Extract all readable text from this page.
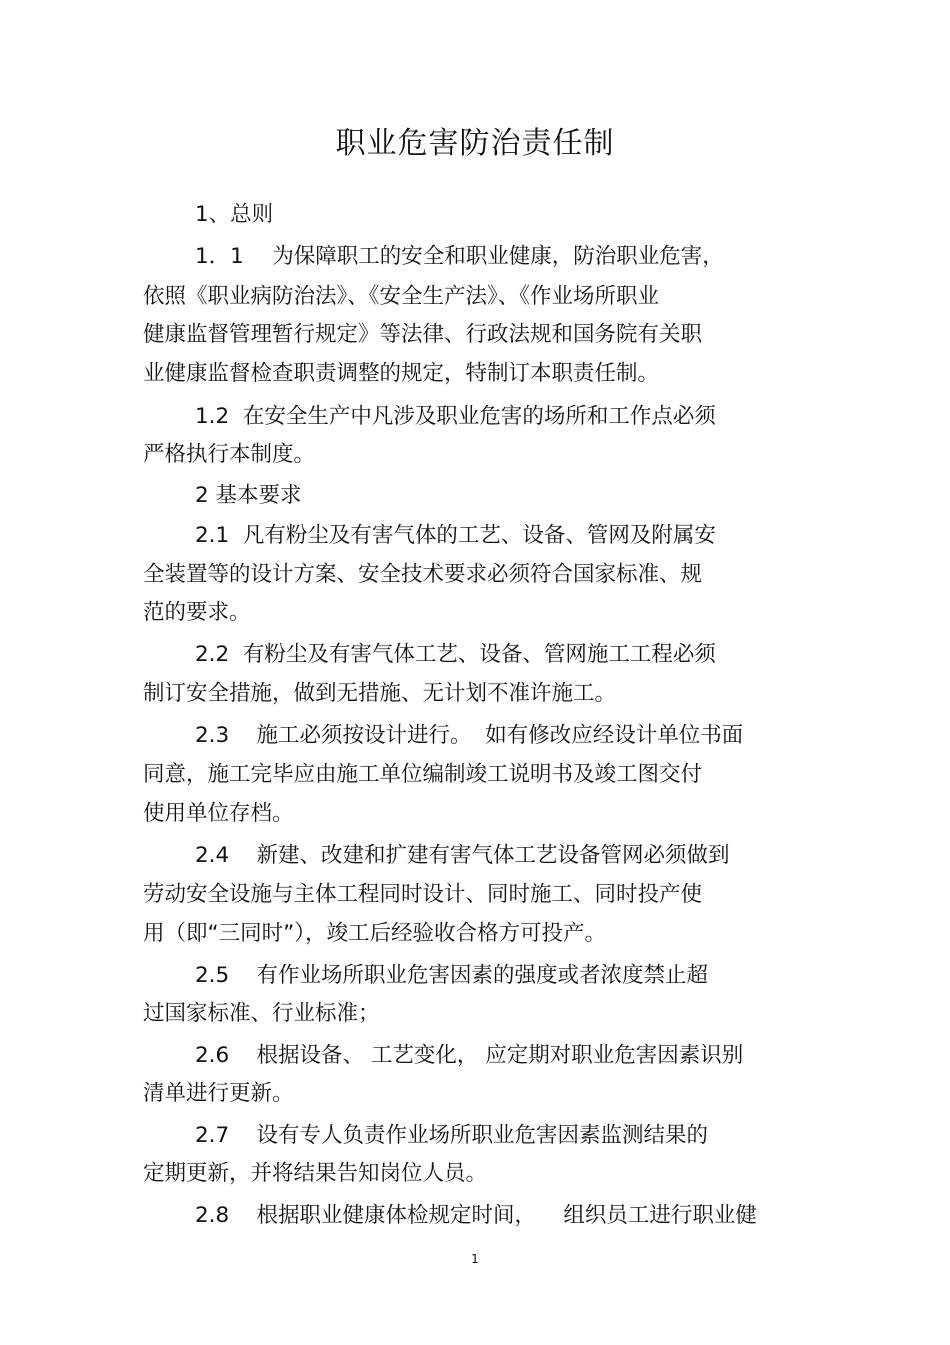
职业危害防治责任制
1、总则
1．1　 为保障职工的安全和职业健康，防治职业危害，
依照《职业病防治法》、《安全生产法》、《作业场所职业
健康监督管理暂行规定》等法律、行政法规和国务院有关职
业健康监督检查职责调整的规定，特制订本职责任制。
1.2  在安全生产中凡涉及职业危害的场所和工作点必须
严格执行本制度。
2 基本要求
2.1  凡有粉尘及有害气体的工艺、设备、管网及附属安
全装置等的设计方案、安全技术要求必须符合国家标准、规
范的要求。
2.2  有粉尘及有害气体工艺、设备、管网施工工程必须
制订安全措施，做到无措施、无计划不准许施工。
2.3    施工必须按设计进行。  如有修改应经设计单位书面
同意，施工完毕应由施工单位编制竣工说明书及竣工图交付
使用单位存档。
2.4    新建、改建和扩建有害气体工艺设备管网必须做到
劳动安全设施与主体工程同时设计、同时施工、同时投产使
用（即“三同时”），竣工后经验收合格方可投产。
2.5    有作业场所职业危害因素的强度或者浓度禁止超
过国家标准、行业标准；
2.6    根据设备、 工艺变化， 应定期对职业危害因素识别
清单进行更新。
2.7    设有专人负责作业场所职业危害因素监测结果的
定期更新，并将结果告知岗位人员。
2.8    根据职业健康体检规定时间，    组织员工进行职业健
1
